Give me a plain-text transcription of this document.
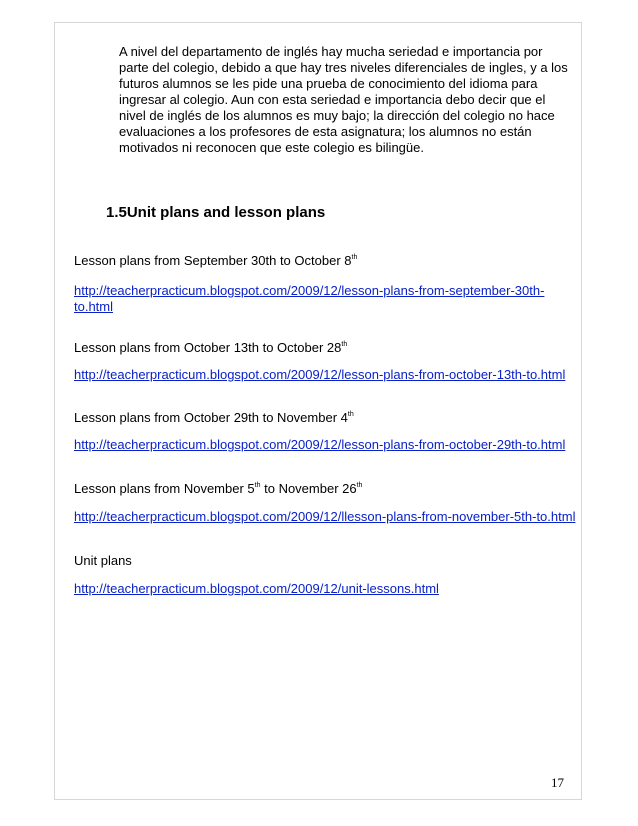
A nivel del departamento de inglés hay mucha seriedad e importancia por
parte del colegio, debido a que hay tres niveles diferenciales de ingles, y a los
futuros alumnos se les pide una prueba de conocimiento del idioma para
ingresar al colegio. Aun con esta seriedad e importancia debo decir que el
nivel de inglés de los alumnos es muy bajo; la dirección del colegio no hace
evaluaciones a los profesores de esta asignatura; los alumnos no están
motivados ni reconocen que este colegio es bilingüe.
1.5Unit plans and lesson plans
Lesson plans from September 30th to October 8th
http://teacherpracticum.blogspot.com/2009/12/lesson-plans-from-september-30th-
to.html
Lesson plans from October 13th to October 28th
http://teacherpracticum.blogspot.com/2009/12/lesson-plans-from-october-13th-to.html
Lesson plans from October 29th to November 4th
http://teacherpracticum.blogspot.com/2009/12/lesson-plans-from-october-29th-to.html
Lesson plans from November 5th to November 26th
http://teacherpracticum.blogspot.com/2009/12/llesson-plans-from-november-5th-to.html
Unit plans
http://teacherpracticum.blogspot.com/2009/12/unit-lessons.html
17
